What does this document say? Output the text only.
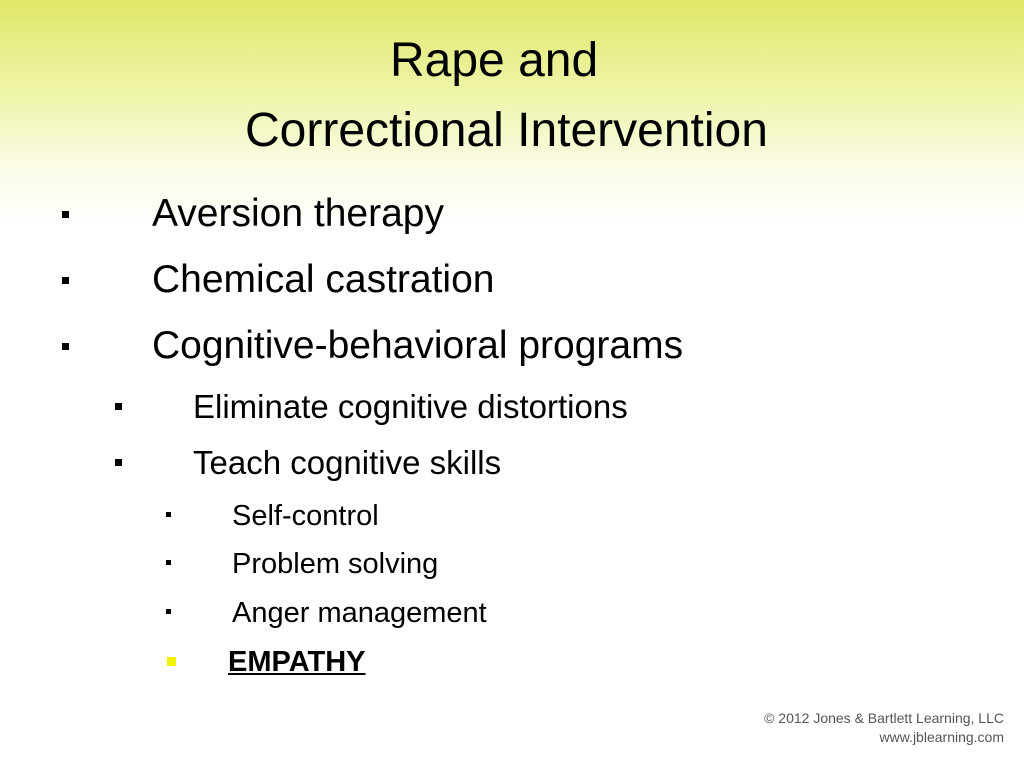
Rape and
Correctional Intervention
Aversion therapy
Chemical castration
Cognitive-behavioral programs
Eliminate cognitive distortions
Teach cognitive skills
Self-control
Problem solving
Anger management
EMPATHY
© 2012 Jones & Bartlett Learning, LLC
www.jblearning.com
